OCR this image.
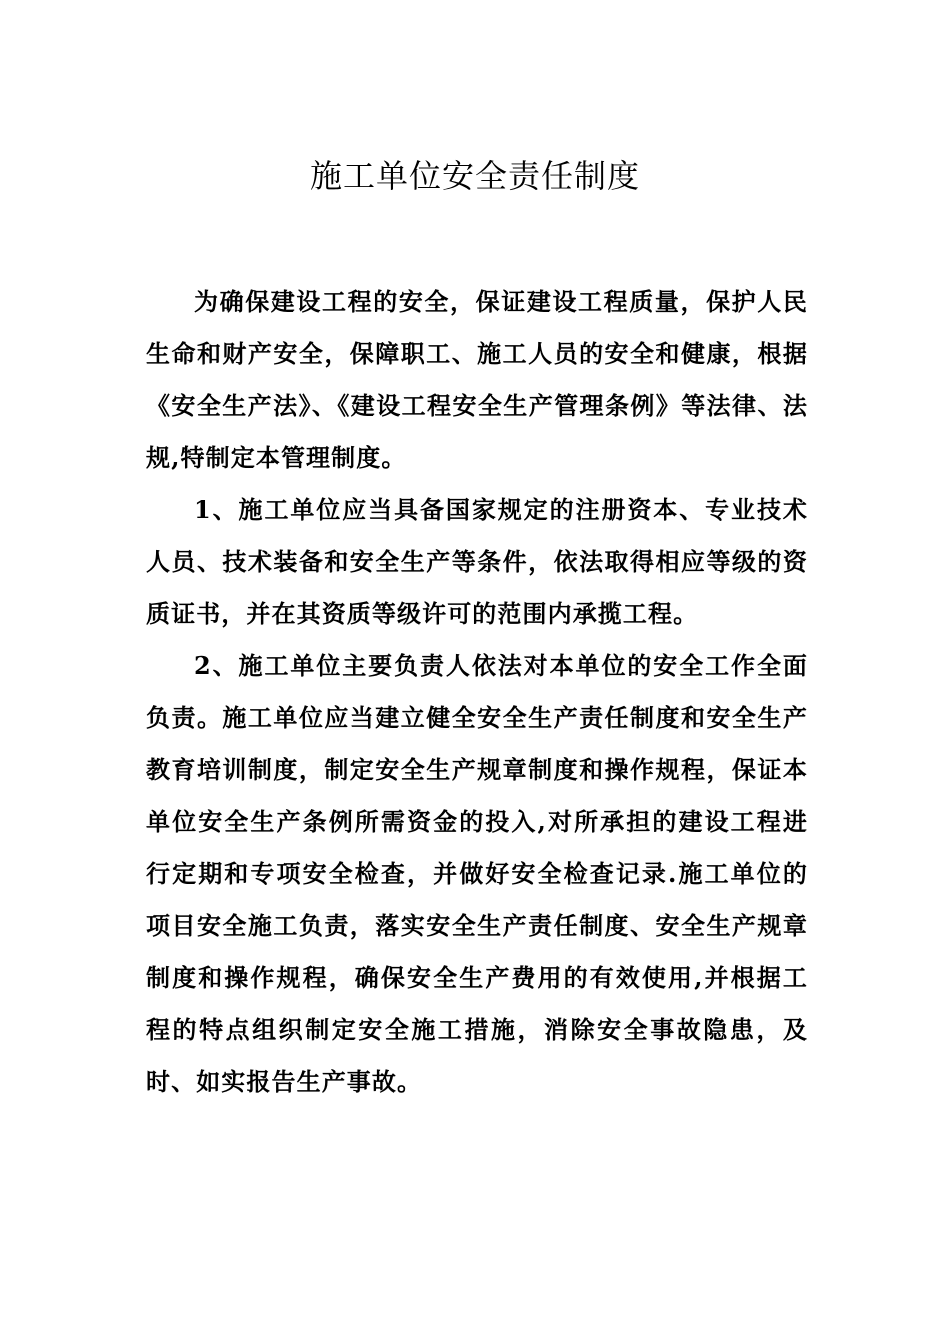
施工单位安全责任制度

为确保建设工程的安全，保证建设工程质量，保护人民生命和财产安全，保障职工、施工人员的安全和健康，根据《安全生产法》、《建设工程安全生产管理条例》等法律、法规,特制定本管理制度。

1、施工单位应当具备国家规定的注册资本、专业技术人员、技术装备和安全生产等条件，依法取得相应等级的资质证书，并在其资质等级许可的范围内承揽工程。

2、施工单位主要负责人依法对本单位的安全工作全面负责。施工单位应当建立健全安全生产责任制度和安全生产教育培训制度，制定安全生产规章制度和操作规程，保证本单位安全生产条例所需资金的投入,对所承担的建设工程进行定期和专项安全检查，并做好安全检查记录.施工单位的项目安全施工负责，落实安全生产责任制度、安全生产规章制度和操作规程，确保安全生产费用的有效使用,并根据工程的特点组织制定安全施工措施，消除安全事故隐患，及时、如实报告生产事故。
